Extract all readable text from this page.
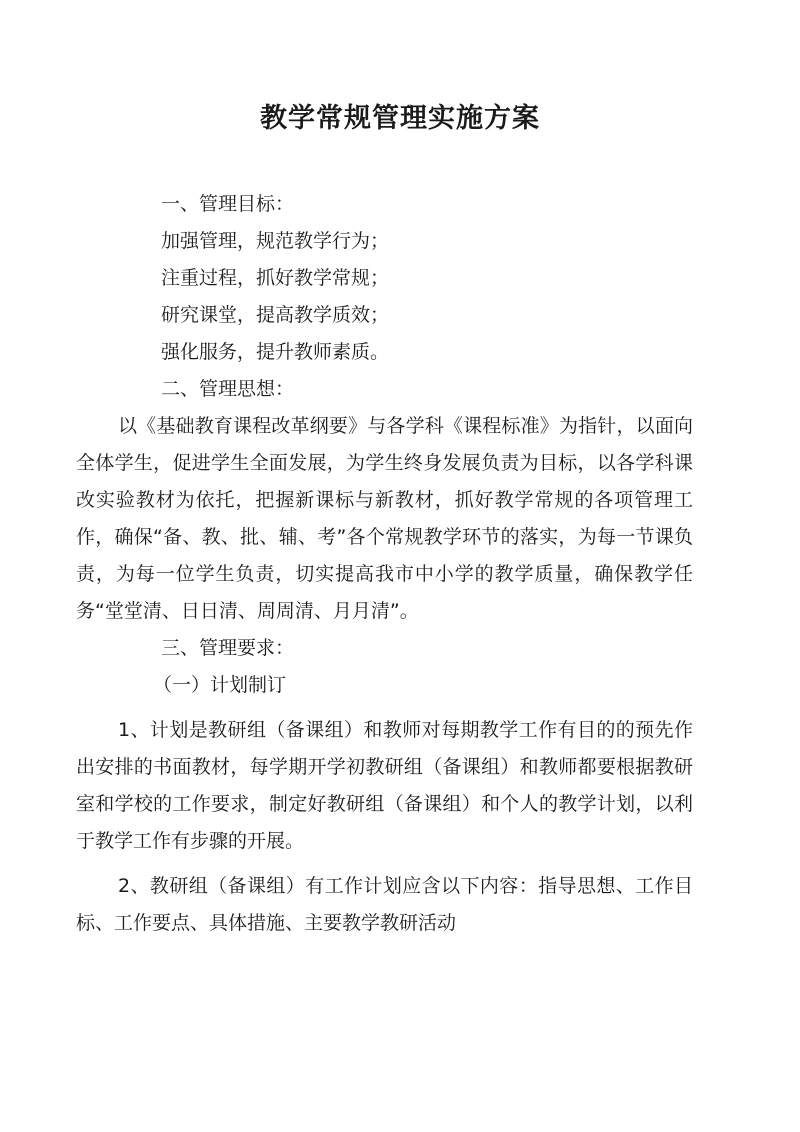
教学常规管理实施方案

一、管理目标：

加强管理，规范教学行为；

注重过程，抓好教学常规；

研究课堂，提高教学质效；

强化服务，提升教师素质。

二、管理思想：

以《基础教育课程改革纲要》与各学科《课程标准》为指针，以面向全体学生，促进学生全面发展，为学生终身发展负责为目标，以各学科课改实验教材为依托，把握新课标与新教材，抓好教学常规的各项管理工作，确保“备、教、批、辅、考”各个常规教学环节的落实，为每一节课负责，为每一位学生负责，切实提高我市中小学的教学质量，确保教学任务“堂堂清、日日清、周周清、月月清”。

三、管理要求：

（一）计划制订

1、计划是教研组（备课组）和教师对每期教学工作有目的的预先作出安排的书面教材，每学期开学初教研组（备课组）和教师都要根据教研室和学校的工作要求，制定好教研组（备课组）和个人的教学计划，以利于教学工作有步骤的开展。

2、教研组（备课组）有工作计划应含以下内容：指导思想、工作目标、工作要点、具体措施、主要教学教研活动
